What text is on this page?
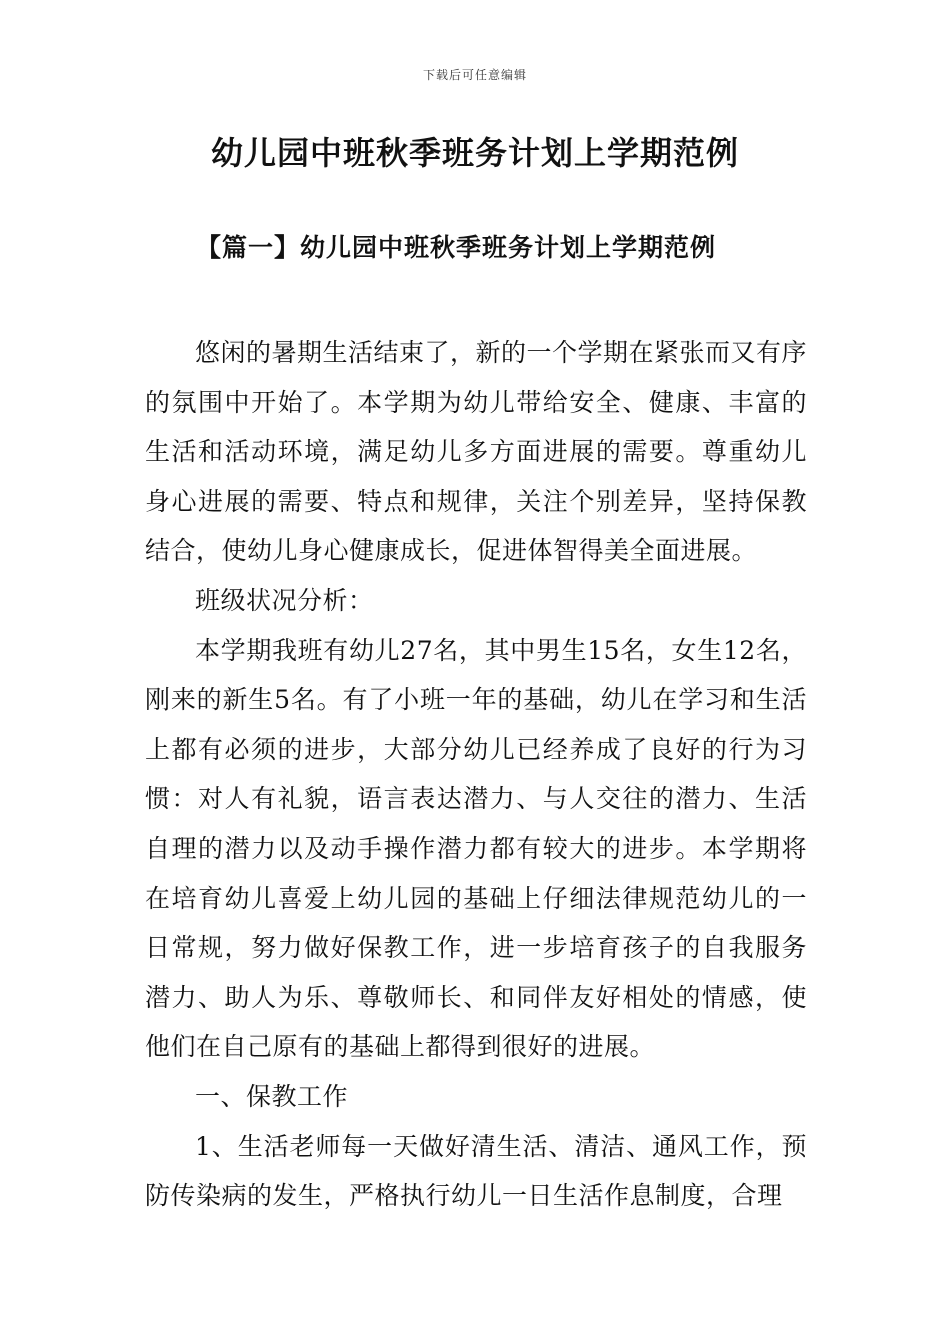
下载后可任意编辑
幼儿园中班秋季班务计划上学期范例
【篇一】幼儿园中班秋季班务计划上学期范例

悠闲的暑期生活结束了，新的一个学期在紧张而又有序的氛围中开始了。本学期为幼儿带给安全、健康、丰富的生活和活动环境，满足幼儿多方面进展的需要。尊重幼儿身心进展的需要、特点和规律，关注个别差异，坚持保教结合，使幼儿身心健康成长，促进体智得美全面进展。

班级状况分析：

本学期我班有幼儿27名，其中男生15名，女生12名，刚来的新生5名。有了小班一年的基础，幼儿在学习和生活上都有必须的进步，大部分幼儿已经养成了良好的行为习惯：对人有礼貌，语言表达潜力、与人交往的潜力、生活自理的潜力以及动手操作潜力都有较大的进步。本学期将在培育幼儿喜爱上幼儿园的基础上仔细法律规范幼儿的一日常规，努力做好保教工作，进一步培育孩子的自我服务潜力、助人为乐、尊敬师长、和同伴友好相处的情感，使他们在自己原有的基础上都得到很好的进展。

一、保教工作

1、生活老师每一天做好清生活、清洁、通风工作，预防传染病的发生，严格执行幼儿一日生活作息制度，合理
